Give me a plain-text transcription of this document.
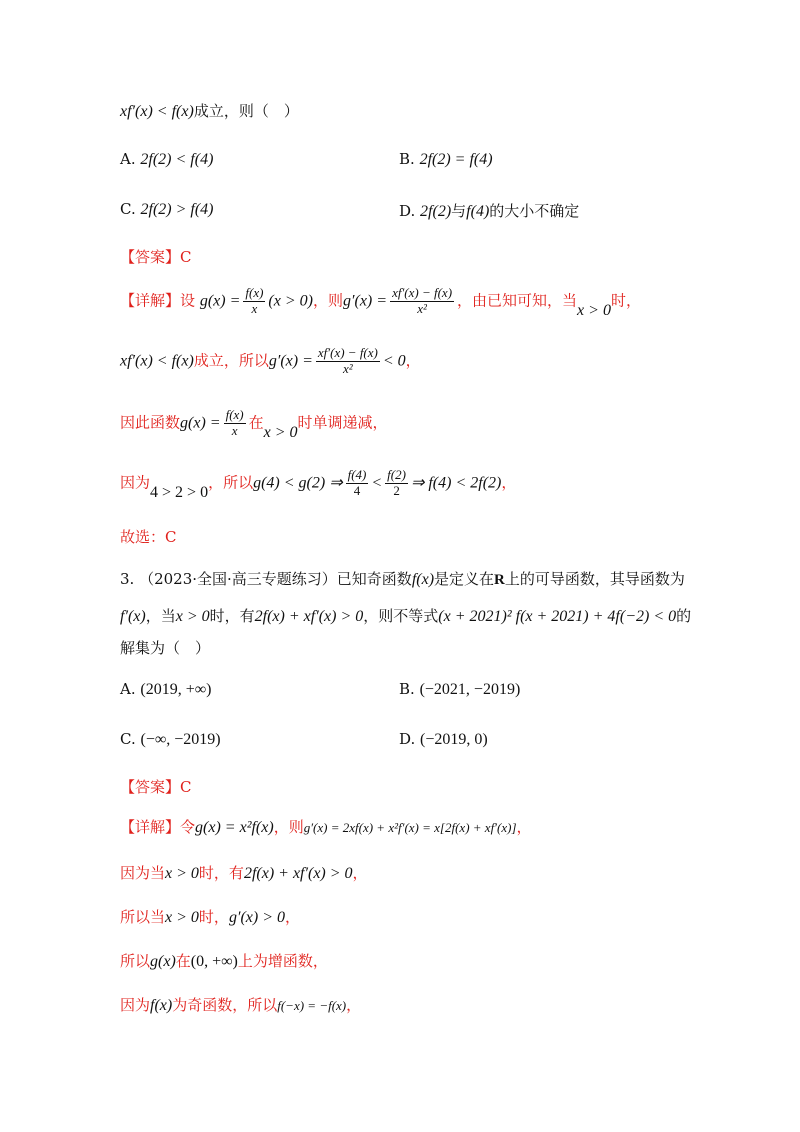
xf′(x) < f(x)成立，则（　）
A. 2f(2) < f(4)	B. 2f(2) = f(4)
C. 2f(2) > f(4)	D. 2f(2)与f(4)的大小不确定
【答案】C
【详解】设 $g(x) = \frac{f(x)}{x} (x > 0)$，则$g'(x) = \frac{xf'(x) - f(x)}{\text{x²}}$ ，由已知可知，当x > 0时，
xf′(x) < f(x)成立，所以$g'(x) = \frac{xf'(x) - f(x)}{\text{x²}} < 0$，
因此函数$g(x) = \frac{f(x)}{x}$ 在x > 0时单调递减，
因为4 > 2 > 0，所以g(4) < g(2) ⇒ $\frac{f(4)}{4} < \frac{f(2)}{2}$ ⇒ f(4) < 2f(2)，
故选：C
3. （2023·全国·高三专题练习）已知奇函数f(x)是定义在R上的可导函数，其导函数为
f′(x)，当x > 0时，有2f(x) + xf′(x) > 0，则不等式(x + 2021)² f(x + 2021) + 4f(−2) < 0的
解集为（　）
A. (2019, +∞)	B. (−2021, −2019)
C. (−∞, −2019)	D. (−2019, 0)
【答案】C
【详解】令g(x) = x²f(x)，则g′(x) = 2xf(x) + x²f′(x) = x[2f(x) + xf′(x)]，
因为当x > 0时，有2f(x) + xf′(x) > 0，
所以当x > 0时，g′(x) > 0，
所以g(x)在(0, +∞)上为增函数，
因为f(x)为奇函数，所以f(−x) = −f(x)，
